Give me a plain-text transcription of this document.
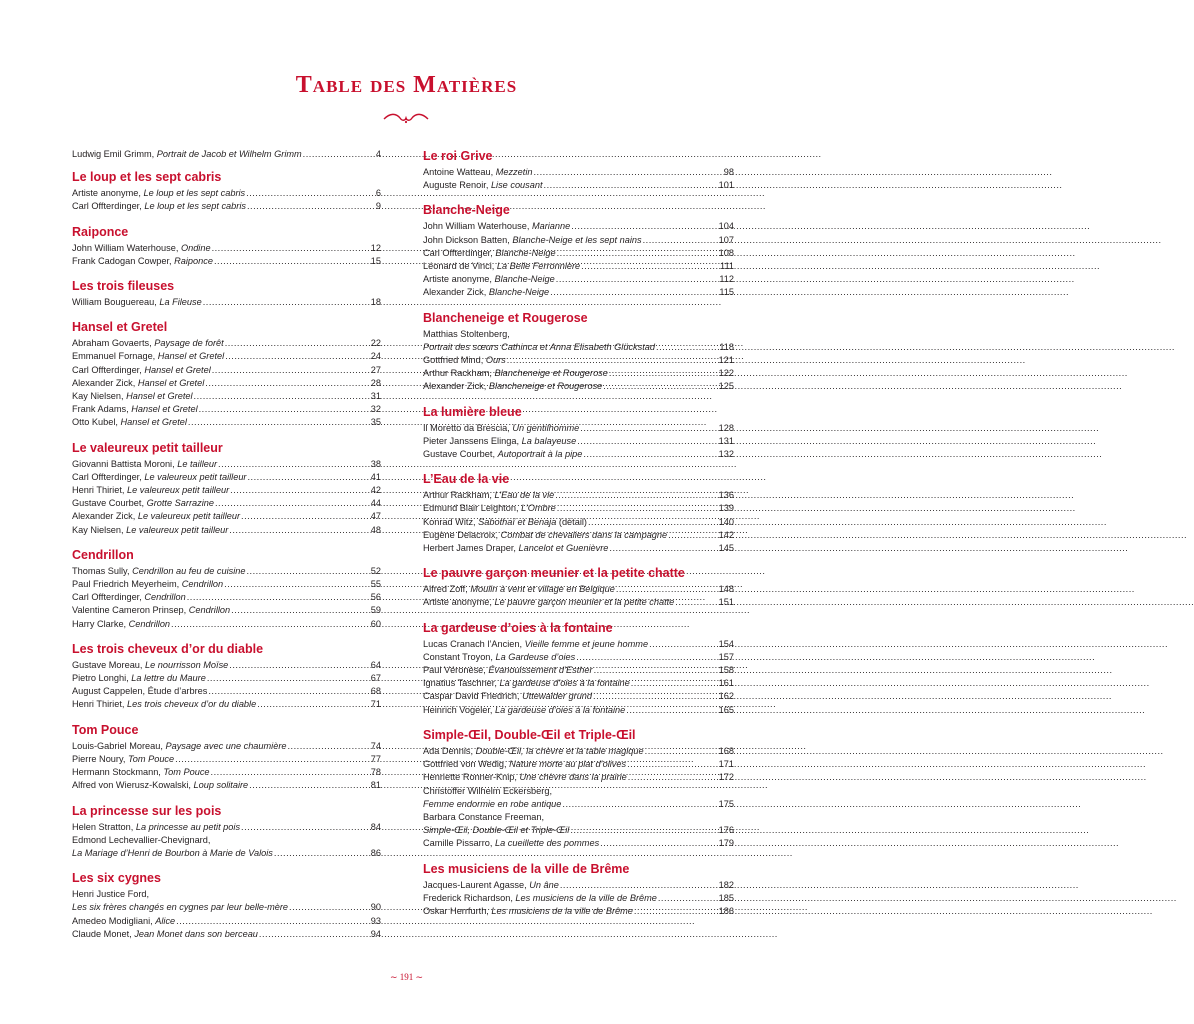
Table des Matières
Ludwig Emil Grimm, Portrait de Jacob et Wilhelm Grimm .....	4
Le loup et les sept cabris
Artiste anonyme, Le loup et les sept cabris .....	6
Carl Offterdinger, Le loup et les sept cabris .....	9
Raiponce
John William Waterhouse, Ondine .....	12
Frank Cadogan Cowper, Raiponce .....	15
Les trois fileuses
William Bouguereau, La Fileuse .....	18
Hansel et Gretel
Abraham Govaerts, Paysage de forêt .....	22
Emmanuel Fornage, Hansel et Gretel .....	24
Carl Offterdinger, Hansel et Gretel .....	27
Alexander Zick, Hansel et Gretel .....	28
Kay Nielsen, Hansel et Gretel .....	31
Frank Adams, Hansel et Gretel .....	32
Otto Kubel, Hansel et Gretel .....	35
Le valeureux petit tailleur
Giovanni Battista Moroni, Le tailleur .....	38
Carl Offterdinger, Le valeureux petit tailleur .....	41
Henri Thiriet, Le valeureux petit tailleur .....	42
Gustave Courbet, Grotte Sarrazine .....	44
Alexander Zick, Le valeureux petit tailleur .....	47
Kay Nielsen, Le valeureux petit tailleur .....	48
Cendrillon
Thomas Sully, Cendrillon au feu de cuisine .....	52
Paul Friedrich Meyerheim, Cendrillon .....	55
Carl Offterdinger, Cendrillon .....	56
Valentine Cameron Prinsep, Cendrillon .....	59
Harry Clarke, Cendrillon .....	60
Les trois cheveux d’or du diable
Gustave Moreau, Le nourrisson Moïse .....	64
Pietro Longhi, La lettre du Maure .....	67
August Cappelen, Étude d’arbres .....	68
Henri Thiriet, Les trois cheveux d’or du diable .....	71
Tom Pouce
Louis-Gabriel Moreau, Paysage avec une chaumière .....	74
Pierre Noury, Tom Pouce .....	77
Hermann Stockmann, Tom Pouce .....	78
Alfred von Wierusz-Kowalski, Loup solitaire .....	81
La princesse sur les pois
Helen Stratton, La princesse au petit pois .....	84
Edmond Lechevallier-Chevignard,
La Mariage d’Henri de Bourbon à Marie de Valois .....	86
Les six cygnes
Henri Justice Ford,
Les six frères changés en cygnes par leur belle-mère .....	90
Amedeo Modigliani, Alice .....	93
Claude Monet, Jean Monet dans son berceau .....	94
Le roi Grive
Antoine Watteau, Mezzetin .....	98
Auguste Renoir, Lise cousant .....	101
Blanche-Neige
John William Waterhouse, Marianne .....	104
John Dickson Batten, Blanche-Neige et les sept nains .....	107
Carl Offterdinger, Blanche-Neige .....	108
Léonard de Vinci, La Belle Ferronnière .....	111
Artiste anonyme, Blanche-Neige .....	112
Alexander Zick, Blanche-Neige .....	115
Blancheneige et Rougerose
Matthias Stoltenberg,
Portrait des sœurs Cathinca et Anna Elisabeth Glückstad .....	118
Gottfried Mind, Ours .....	121
Arthur Rackham, Blancheneige et Rougerose .....	122
Alexander Zick, Blancheneige et Rougerose .....	125
La lumière bleue
Il Moretto da Brescia, Un gentilhomme .....	128
Pieter Janssens Elinga, La balayeuse .....	131
Gustave Courbet, Autoportrait à la pipe .....	132
L’Eau de la vie
Arthur Rackham, L’Eau de la vie .....	136
Edmund Blair Leighton, L’Ombre .....	139
Konrad Witz, Sabothaï et Benaja (détail) .....	140
Eugène Delacroix, Combat de chevaliers dans la campagne .....	142
Herbert James Draper, Lancelot et Guenièvre .....	145
Le pauvre garçon meunier et la petite chatte
Alfred Zoff, Moulin à vent et village en Belgique .....	148
Artiste anonyme, Le pauvre garçon meunier et la petite chatte .....	151
La gardeuse d’oies à la fontaine
Lucas Cranach l’Ancien, Vieille femme et jeune homme .....	154
Constant Troyon, La Gardeuse d’oies .....	157
Paul Véronèse, Évanouissement d’Esther .....	158
Ignatius Taschner, La gardeuse d’oies à la fontaine .....	161
Caspar David Friedrich, Uttewalder grund .....	162
Heinrich Vogeler, La gardeuse d’oies à la fontaine .....	165
Simple-Œil, Double-Œil et Triple-Œil
Ada Dennis, Double-Œil, la chèvre et la table magique .....	168
Gottfried von Wedig, Nature morte au plat d’olives .....	171
Henriette Ronner-Knip, Une chèvre dans la prairie .....	172
Christoffer Wilhelm Eckersberg,
Femme endormie en robe antique .....	175
Barbara Constance Freeman,
Simple-Œil, Double-Œil et Triple-Œil .....	176
Camille Pissarro, La cueillette des pommes .....	179
Les musiciens de la ville de Brême
Jacques-Laurent Agasse, Un âne .....	182
Frederick Richardson, Les musiciens de la ville de Brême .....	185
Oskar Herrfurth, Les musiciens de la ville de Brême .....	186
∼ 191 ∼
